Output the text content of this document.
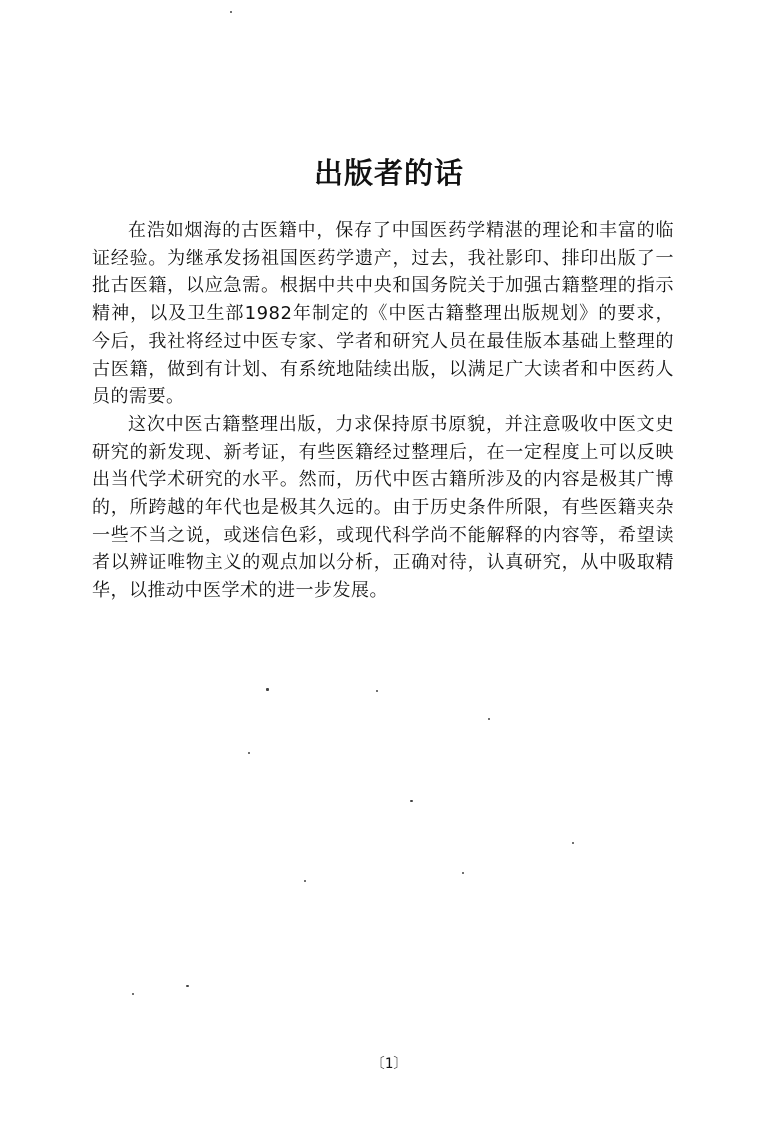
出版者的话

在浩如烟海的古医籍中，保存了中国医药学精湛的理论和丰富的临证经验。为继承发扬祖国医药学遗产，过去，我社影印、排印出版了一批古医籍，以应急需。根据中共中央和国务院关于加强古籍整理的指示精神，以及卫生部1982年制定的《中医古籍整理出版规划》的要求，今后，我社将经过中医专家、学者和研究人员在最佳版本基础上整理的古医籍，做到有计划、有系统地陆续出版，以满足广大读者和中医药人员的需要。

这次中医古籍整理出版，力求保持原书原貌，并注意吸收中医文史研究的新发现、新考证，有些医籍经过整理后，在一定程度上可以反映出当代学术研究的水平。然而，历代中医古籍所涉及的内容是极其广博的，所跨越的年代也是极其久远的。由于历史条件所限，有些医籍夹杂一些不当之说，或迷信色彩，或现代科学尚不能解释的内容等，希望读者以辨证唯物主义的观点加以分析，正确对待，认真研究，从中吸取精华，以推动中医学术的进一步发展。

〔1〕
